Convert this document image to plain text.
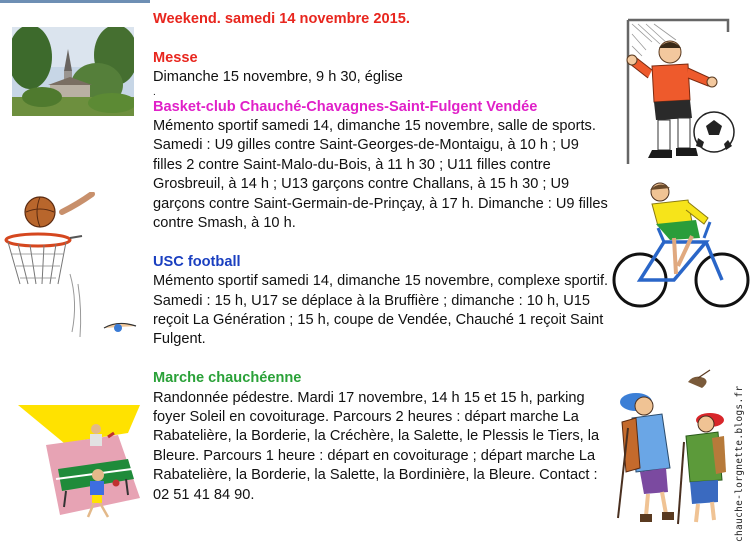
chauche-lorgnette.blogs.fr

Weekend. samedi 14 novembre 2015.

Messe

Dimanche 15 novembre, 9 h 30, église

.

Basket-club Chauché-Chavagnes-Saint-Fulgent Vendée

Mémento sportif samedi 14, dimanche 15 novembre, salle de sports. Samedi : U9 gilles contre Saint-Georges-de-Montaigu, à 10 h ; U9 filles 2 contre Saint-Malo-du-Bois, à 11 h 30 ; U11 filles contre Grosbreuil, à 14 h ; U13 garçons contre Challans, à 15 h 30 ; U9 garçons contre Saint-Germain-de-Prinçay, à 17 h. Dimanche : U9 filles contre Smash, à 10 h.

USC football

Mémento sportif samedi 14, dimanche 15 novembre, complexe sportif. Samedi : 15 h, U17 se déplace à la Bruffière ; dimanche : 10 h, U15 reçoit La Génération ; 15 h, coupe de Vendée, Chauché 1 reçoit Saint Fulgent.

Marche chauchéenne

Randonnée pédestre. Mardi 17 novembre, 14 h 15 et 15 h, parking foyer Soleil en covoiturage. Parcours 2 heures : départ marche La Rabatelière, la Borderie, la Créchère, la Salette, le Plessis le Tiers, la Bleure. Parcours 1 heure : départ en covoiturage ; départ marche La Rabatelière, la Borderie, la Salette, la Bordinière, la Bleure. Contact : 02 51 41 84 90.
